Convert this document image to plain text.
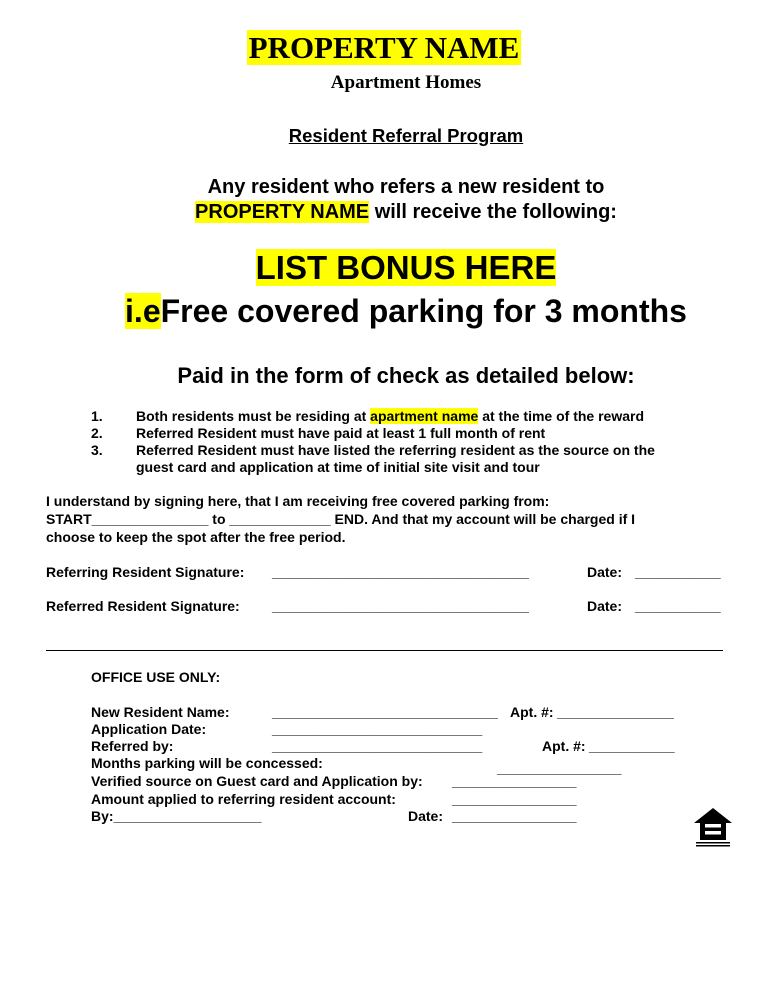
PROPERTY NAME
Apartment Homes
Resident Referral Program
Any resident who refers a new resident to
PROPERTY NAME will receive the following:
LIST BONUS HERE
i.eFree covered parking for 3 months
Paid in the form of check as detailed below:
1. Both residents must be residing at apartment name at the time of the reward
2. Referred Resident must have paid at least 1 full month of rent
3. Referred Resident must have listed the referring resident as the source on the
guest card and application at time of initial site visit and tour
I understand by signing here, that I am receiving free covered parking from:
START_______________ to _____________ END. And that my account will be charged if I
choose to keep the spot after the free period.
Referring Resident Signature: _________________________________	Date: ___________
Referred Resident Signature: _________________________________	Date: ___________
OFFICE USE ONLY:
New Resident Name:	_____________________________ Apt. #: _______________
Application Date:	___________________________
Referred by:	___________________________	Apt. #: ___________
Months parking will be concessed:	________________
Verified source on Guest card and Application by: ________________
Amount applied to referring resident account:	________________
By:___________________	Date: ________________
